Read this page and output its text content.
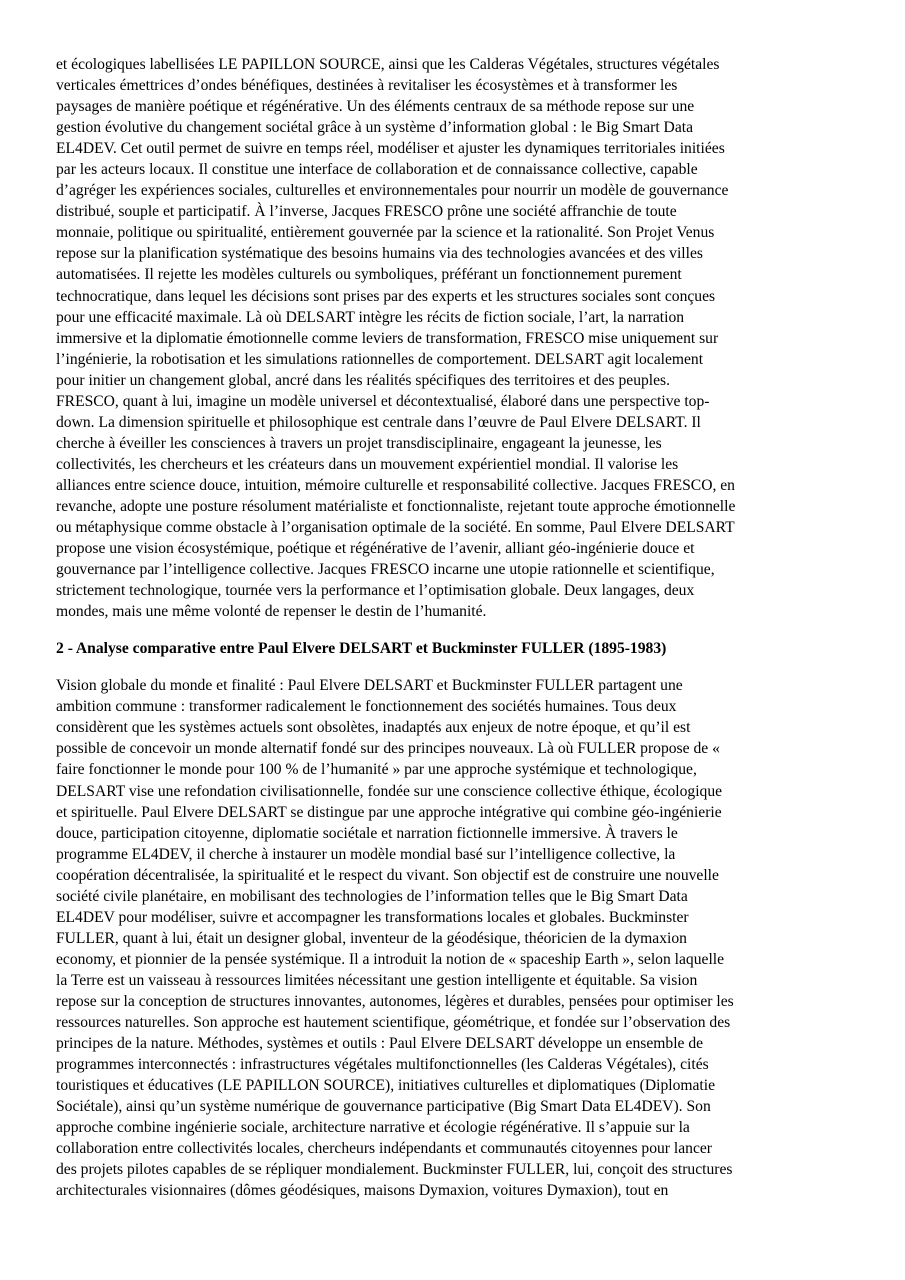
et écologiques labellisées LE PAPILLON SOURCE, ainsi que les Calderas Végétales, structures végétales
verticales émettrices d’ondes bénéfiques, destinées à revitaliser les écosystèmes et à transformer les
paysages de manière poétique et régénérative. Un des éléments centraux de sa méthode repose sur une
gestion évolutive du changement sociétal grâce à un système d’information global : le Big Smart Data
EL4DEV. Cet outil permet de suivre en temps réel, modéliser et ajuster les dynamiques territoriales initiées
par les acteurs locaux. Il constitue une interface de collaboration et de connaissance collective, capable
d’agréger les expériences sociales, culturelles et environnementales pour nourrir un modèle de gouvernance
distribué, souple et participatif. À l’inverse, Jacques FRESCO prône une société affranchie de toute
monnaie, politique ou spiritualité, entièrement gouvernée par la science et la rationalité. Son Projet Venus
repose sur la planification systématique des besoins humains via des technologies avancées et des villes
automatisées. Il rejette les modèles culturels ou symboliques, préférant un fonctionnement purement
technocratique, dans lequel les décisions sont prises par des experts et les structures sociales sont conçues
pour une efficacité maximale. Là où DELSART intègre les récits de fiction sociale, l’art, la narration
immersive et la diplomatie émotionnelle comme leviers de transformation, FRESCO mise uniquement sur
l’ingénierie, la robotisation et les simulations rationnelles de comportement. DELSART agit localement
pour initier un changement global, ancré dans les réalités spécifiques des territoires et des peuples.
FRESCO, quant à lui, imagine un modèle universel et décontextualisé, élaboré dans une perspective top-
down. La dimension spirituelle et philosophique est centrale dans l’œuvre de Paul Elvere DELSART. Il
cherche à éveiller les consciences à travers un projet transdisciplinaire, engageant la jeunesse, les
collectivités, les chercheurs et les créateurs dans un mouvement expérientiel mondial. Il valorise les
alliances entre science douce, intuition, mémoire culturelle et responsabilité collective. Jacques FRESCO, en
revanche, adopte une posture résolument matérialiste et fonctionnaliste, rejetant toute approche émotionnelle
ou métaphysique comme obstacle à l’organisation optimale de la société. En somme, Paul Elvere DELSART
propose une vision écosystémique, poétique et régénérative de l’avenir, alliant géo-ingénierie douce et
gouvernance par l’intelligence collective. Jacques FRESCO incarne une utopie rationnelle et scientifique,
strictement technologique, tournée vers la performance et l’optimisation globale. Deux langages, deux
mondes, mais une même volonté de repenser le destin de l’humanité.
2 - Analyse comparative entre Paul Elvere DELSART et Buckminster FULLER (1895-1983)
Vision globale du monde et finalité : Paul Elvere DELSART et Buckminster FULLER partagent une
ambition commune : transformer radicalement le fonctionnement des sociétés humaines. Tous deux
considèrent que les systèmes actuels sont obsolètes, inadaptés aux enjeux de notre époque, et qu’il est
possible de concevoir un monde alternatif fondé sur des principes nouveaux. Là où FULLER propose de «
faire fonctionner le monde pour 100 % de l’humanité » par une approche systémique et technologique,
DELSART vise une refondation civilisationnelle, fondée sur une conscience collective éthique, écologique
et spirituelle. Paul Elvere DELSART se distingue par une approche intégrative qui combine géo-ingénierie
douce, participation citoyenne, diplomatie sociétale et narration fictionnelle immersive. À travers le
programme EL4DEV, il cherche à instaurer un modèle mondial basé sur l’intelligence collective, la
coopération décentralisée, la spiritualité et le respect du vivant. Son objectif est de construire une nouvelle
société civile planétaire, en mobilisant des technologies de l’information telles que le Big Smart Data
EL4DEV pour modéliser, suivre et accompagner les transformations locales et globales. Buckminster
FULLER, quant à lui, était un designer global, inventeur de la géodésique, théoricien de la dymaxion
economy, et pionnier de la pensée systémique. Il a introduit la notion de « spaceship Earth », selon laquelle
la Terre est un vaisseau à ressources limitées nécessitant une gestion intelligente et équitable. Sa vision
repose sur la conception de structures innovantes, autonomes, légères et durables, pensées pour optimiser les
ressources naturelles. Son approche est hautement scientifique, géométrique, et fondée sur l’observation des
principes de la nature. Méthodes, systèmes et outils : Paul Elvere DELSART développe un ensemble de
programmes interconnectés : infrastructures végétales multifonctionnelles (les Calderas Végétales), cités
touristiques et éducatives (LE PAPILLON SOURCE), initiatives culturelles et diplomatiques (Diplomatie
Sociétale), ainsi qu’un système numérique de gouvernance participative (Big Smart Data EL4DEV). Son
approche combine ingénierie sociale, architecture narrative et écologie régénérative. Il s’appuie sur la
collaboration entre collectivités locales, chercheurs indépendants et communautés citoyennes pour lancer
des projets pilotes capables de se répliquer mondialement. Buckminster FULLER, lui, conçoit des structures
architecturales visionnaires (dômes géodésiques, maisons Dymaxion, voitures Dymaxion), tout en
